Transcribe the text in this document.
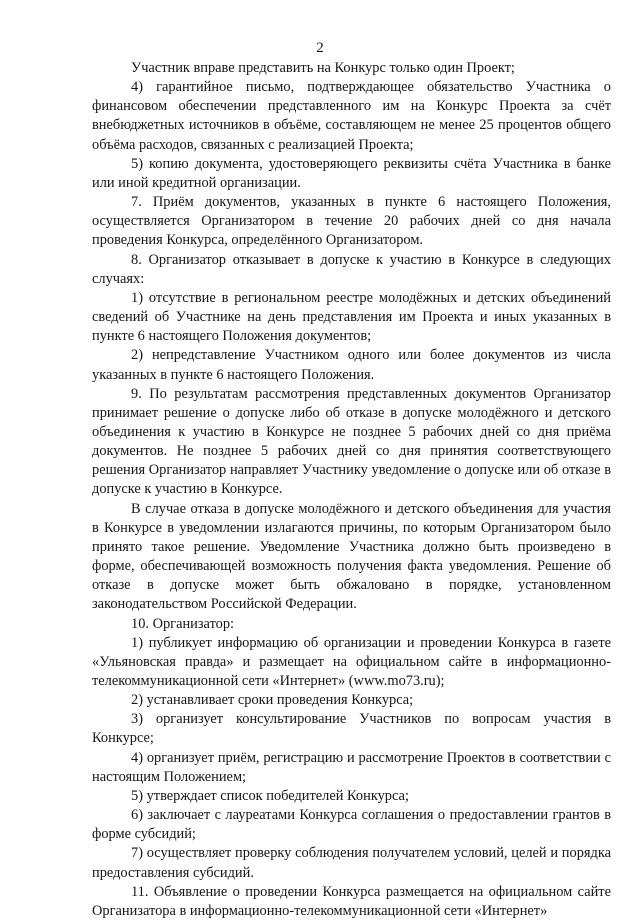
2

Участник вправе представить на Конкурс только один Проект;

4) гарантийное письмо, подтверждающее обязательство Участника о финансовом обеспечении представленного им на Конкурс Проекта за счёт внебюджетных источников в объёме, составляющем не менее 25 процентов общего объёма расходов, связанных с реализацией Проекта;

5) копию документа, удостоверяющего реквизиты счёта Участника в банке или иной кредитной организации.

7. Приём документов, указанных в пункте 6 настоящего Положения, осуществляется Организатором в течение 20 рабочих дней со дня начала проведения Конкурса, определённого Организатором.

8. Организатор отказывает в допуске к участию в Конкурсе в следующих случаях:

1) отсутствие в региональном реестре молодёжных и детских объединений сведений об Участнике на день представления им Проекта и иных указанных в пункте 6 настоящего Положения документов;

2) непредставление Участником одного или более документов из числа указанных в пункте 6 настоящего Положения.

9. По результатам рассмотрения представленных документов Организатор принимает решение о допуске либо об отказе в допуске молодёжного и детского объединения к участию в Конкурсе не позднее 5 рабочих дней со дня приёма документов. Не позднее 5 рабочих дней со дня принятия соответствующего решения Организатор направляет Участнику уведомление о допуске или об отказе в допуске к участию в Конкурсе.

В случае отказа в допуске молодёжного и детского объединения для участия в Конкурсе в уведомлении излагаются причины, по которым Организатором было принято такое решение. Уведомление Участника должно быть произведено в форме, обеспечивающей возможность получения факта уведомления. Решение об отказе в допуске может быть обжаловано в порядке, установленном законодательством Российской Федерации.

10. Организатор:

1) публикует информацию об организации и проведении Конкурса в газете «Ульяновская правда» и размещает на официальном сайте в информационно-телекоммуникационной сети «Интернет» (www.mo73.ru);

2) устанавливает сроки проведения Конкурса;

3) организует консультирование Участников по вопросам участия в Конкурсе;

4) организует приём, регистрацию и рассмотрение Проектов в соответствии с настоящим Положением;

5) утверждает список победителей Конкурса;

6) заключает с лауреатами Конкурса соглашения о предоставлении грантов в форме субсидий;

7) осуществляет проверку соблюдения получателем условий, целей и порядка предоставления субсидий.

11. Объявление о проведении Конкурса размещается на официальном сайте Организатора в информационно-телекоммуникационной сети «Интернет»
